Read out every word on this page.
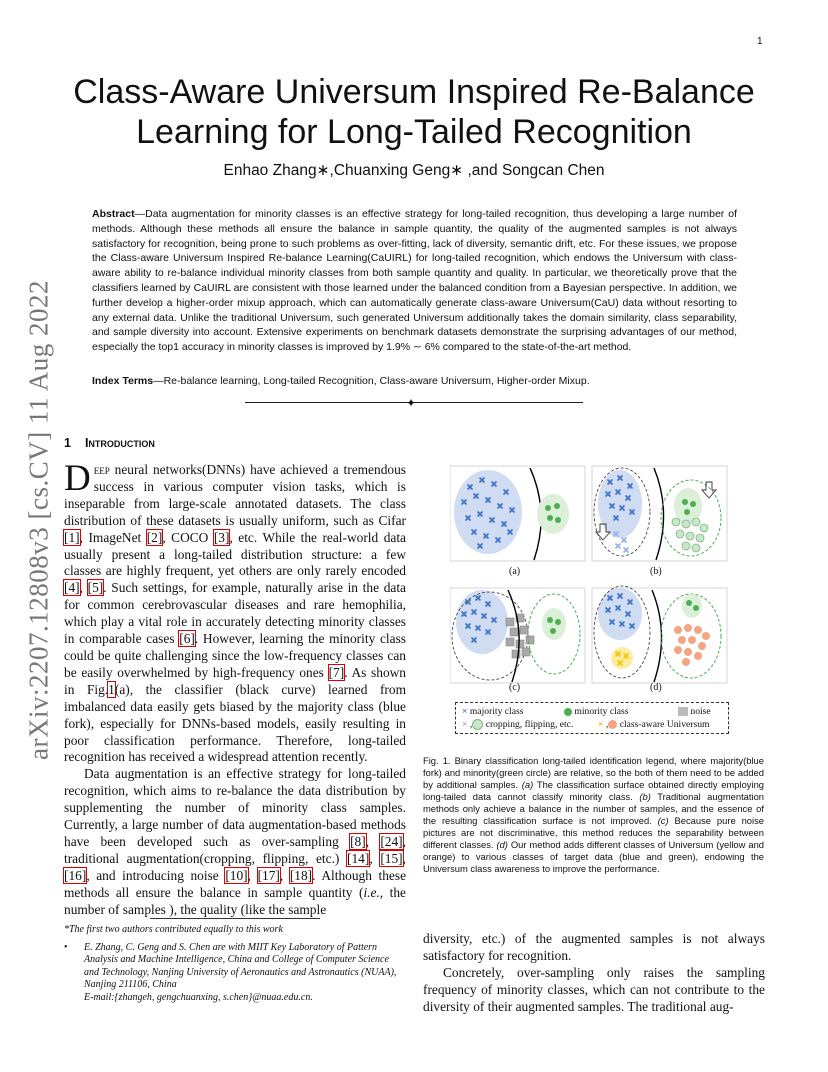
1
arXiv:2207.12808v3 [cs.CV] 11 Aug 2022
Class-Aware Universum Inspired Re-Balance
Learning for Long-Tailed Recognition
Enhao Zhang∗,Chuanxing Geng∗ ,and Songcan Chen
Abstract—Data augmentation for minority classes is an effective strategy for long-tailed recognition, thus developing a large number of methods. Although these methods all ensure the balance in sample quantity, the quality of the augmented samples is not always satisfactory for recognition, being prone to such problems as over-fitting, lack of diversity, semantic drift, etc. For these issues, we propose the Class-aware Universum Inspired Re-balance Learning(CaUIRL) for long-tailed recognition, which endows the Universum with class-aware ability to re-balance individual minority classes from both sample quantity and quality. In particular, we theoretically prove that the classifiers learned by CaUIRL are consistent with those learned under the balanced condition from a Bayesian perspective. In addition, we further develop a higher-order mixup approach, which can automatically generate class-aware Universum(CaU) data without resorting to any external data. Unlike the traditional Universum, such generated Universum additionally takes the domain similarity, class separability, and sample diversity into account. Extensive experiments on benchmark datasets demonstrate the surprising advantages of our method, especially the top1 accuracy in minority classes is improved by 1.9% ∼ 6% compared to the state-of-the-art method.
Index Terms—Re-balance learning, Long-tailed Recognition, Class-aware Universum, Higher-order Mixup.
✦
1 Introduction

Deep neural networks(DNNs) have achieved a tremendous success in various computer vision tasks, which is inseparable from large-scale annotated datasets. The class distribution of these datasets is usually uniform, such as Cifar [1], ImageNet [2], COCO [3], etc. While the real-world data usually present a long-tailed distribution structure: a few classes are highly frequent, yet others are only rarely encoded [4], [5]. Such settings, for example, naturally arise in the data for common cerebrovascular diseases and rare hemophilia, which play a vital role in accurately detecting minority classes in comparable cases [6]. However, learning the minority class could be quite challenging since the low-frequency classes can be easily overwhelmed by high-frequency ones [7]. As shown in Fig.1(a), the classifier (black curve) learned from imbalanced data easily gets biased by the majority class (blue fork), especially for DNNs-based models, easily resulting in poor classification performance. Therefore, long-tailed recognition has received a widespread attention recently.

Data augmentation is an effective strategy for long-tailed recognition, which aims to re-balance the data distribution by supplementing the number of minority class samples. Currently, a large number of data augmentation-based methods have been developed such as over-sampling [8], [24], traditional augmentation(cropping, flipping, etc.) [14], [15], [16], and introducing noise [10], [17], [18]. Although these methods all ensure the balance in sample quantity (i.e., the number of samples ), the quality (like the sample

*The first two authors contributed equally to this work
• E. Zhang, C. Geng and S. Chen are with MIIT Key Laboratory of Pattern Analysis and Machine Intelligence, China and College of Computer Science and Technology, Nanjing University of Aeronautics and Astronautics (NUAA), Nanjing 211106, China
E-mail:{zhangeh, gengchuanxing, s.chen}@nuaa.edu.cn.
(a)	(b)
(c)	(d)
× majority class	minority class	noise
× , cropping, flipping, etc.	× , class-aware Universum
Fig. 1. Binary classification long-tailed identification legend, where majority(blue fork) and minority(green circle) are relative, so the both of them need to be added by additional samples. (a) The classification surface obtained directly employing long-tailed data cannot classify minority class. (b) Traditional augmentation methods only achieve a balance in the number of samples, and the essence of the resulting classification surface is not improved. (c) Because pure noise pictures are not discriminative, this method reduces the separability between different classes. (d) Our method adds different classes of Universum (yellow and orange) to various classes of target data (blue and green), endowing the Universum class awareness to improve the performance.

diversity, etc.) of the augmented samples is not always satisfactory for recognition.

Concretely, over-sampling only raises the sampling frequency of minority classes, which can not contribute to the diversity of their augmented samples. The traditional aug-
